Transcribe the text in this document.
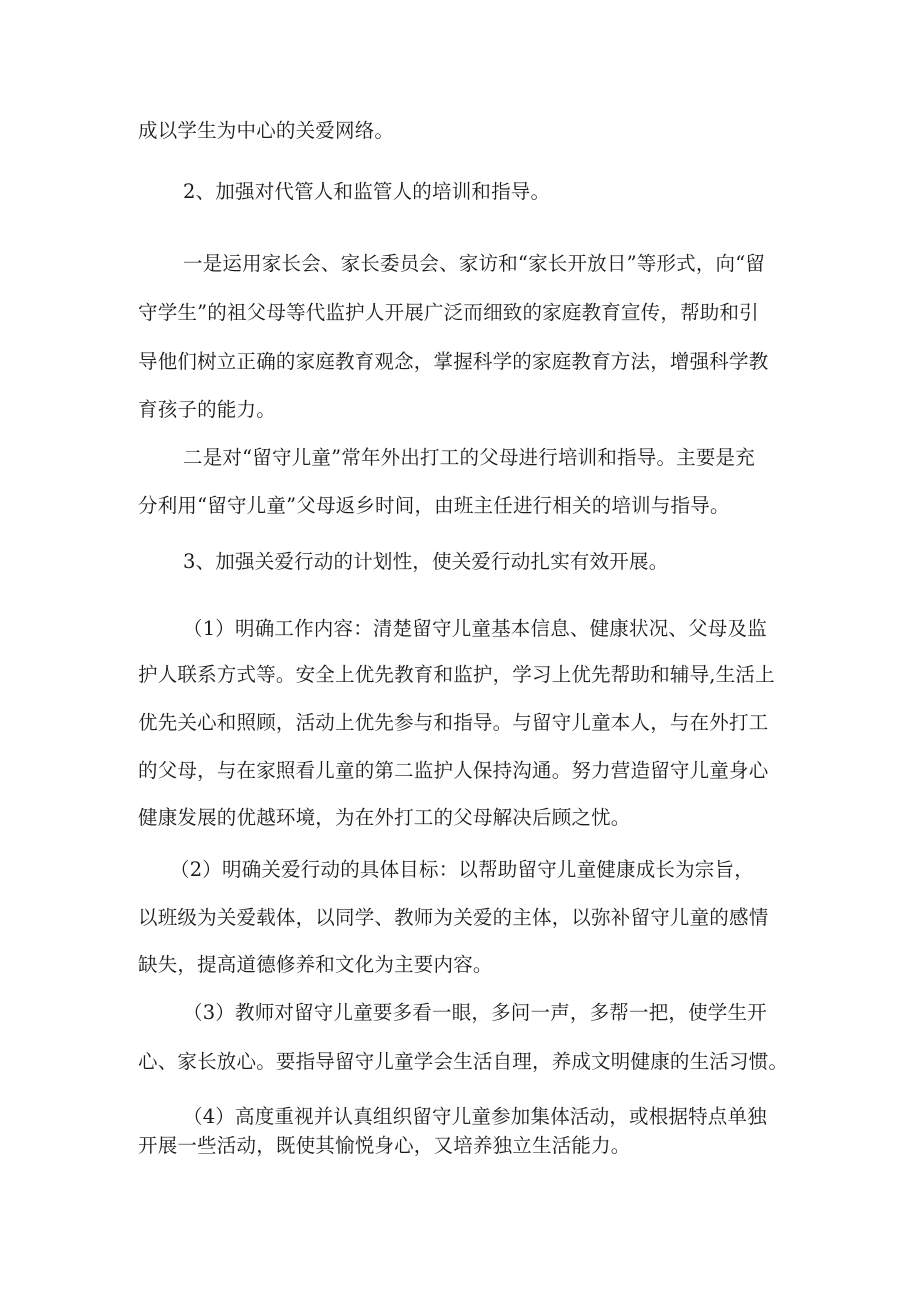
成以学生为中心的关爱网络。
2、加强对代管人和监管人的培训和指导。
一是运用家长会、家长委员会、家访和“家长开放日”等形式，向“留
守学生”的祖父母等代监护人开展广泛而细致的家庭教育宣传，帮助和引
导他们树立正确的家庭教育观念，掌握科学的家庭教育方法，增强科学教
育孩子的能力。
二是对“留守儿童”常年外出打工的父母进行培训和指导。主要是充
分利用“留守儿童”父母返乡时间，由班主任进行相关的培训与指导。
3、加强关爱行动的计划性，使关爱行动扎实有效开展。
（1）明确工作内容：清楚留守儿童基本信息、健康状况、父母及监
护人联系方式等。安全上优先教育和监护，学习上优先帮助和辅导,生活上
优先关心和照顾，活动上优先参与和指导。与留守儿童本人，与在外打工
的父母，与在家照看儿童的第二监护人保持沟通。努力营造留守儿童身心
健康发展的优越环境，为在外打工的父母解决后顾之忧。
（2）明确关爱行动的具体目标：以帮助留守儿童健康成长为宗旨，
以班级为关爱载体，以同学、教师为关爱的主体，以弥补留守儿童的感情
缺失，提高道德修养和文化为主要内容。
（3）教师对留守儿童要多看一眼，多问一声，多帮一把，使学生开
心、家长放心。要指导留守儿童学会生活自理，养成文明健康的生活习惯。
（4）高度重视并认真组织留守儿童参加集体活动，或根据特点单独
开展一些活动，既使其愉悦身心，又培养独立生活能力。
